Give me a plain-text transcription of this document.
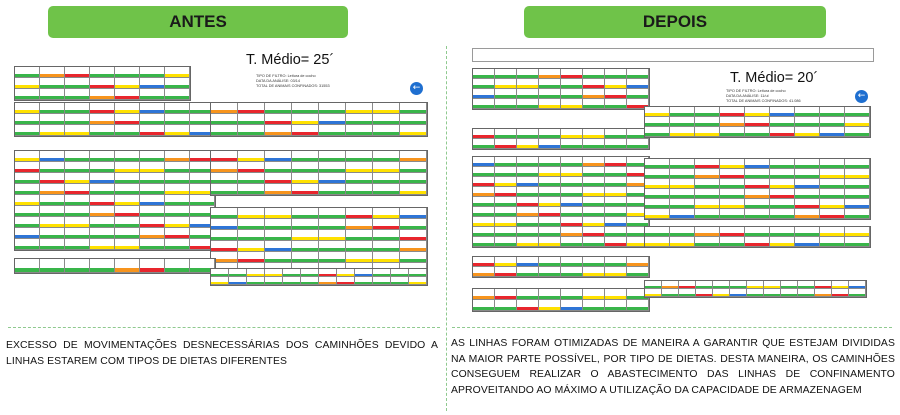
ANTES	DEPOIS
T. Médio= 25´
TIPO DE FILTRO: Leitura de cocho
DATA DA ANÁLISE: 03/14
TOTAL DE ANIMAIS CONFINADOS: 31553	←
T. Médio= 20´
TIPO DE FILTRO: Leitura de cocho
DATA DA ANÁLISE: 11/ul
TOTAL DE ANIMAIS CONFINADOS: 41.086
←
EXCESSO DE MOVIMENTAÇÕES DESNECESSÁRIAS DOS CAMINHÕES DEVIDO A LINHAS ESTAREM COM TIPOS DE DIETAS DIFERENTES
AS LINHAS FORAM OTIMIZADAS DE MANEIRA A GARANTIR QUE ESTEJAM DIVIDIDAS NA MAIOR PARTE POSSÍVEL, POR TIPO DE DIETAS. DESTA MANEIRA, OS CAMINHÕES CONSEGUEM REALIZAR O ABASTECIMENTO DAS LINHAS DE CONFINAMENTO APROVEITANDO AO MÁXIMO A UTILIZAÇÃO DA CAPACIDADE DE ARMAZENAGEM
